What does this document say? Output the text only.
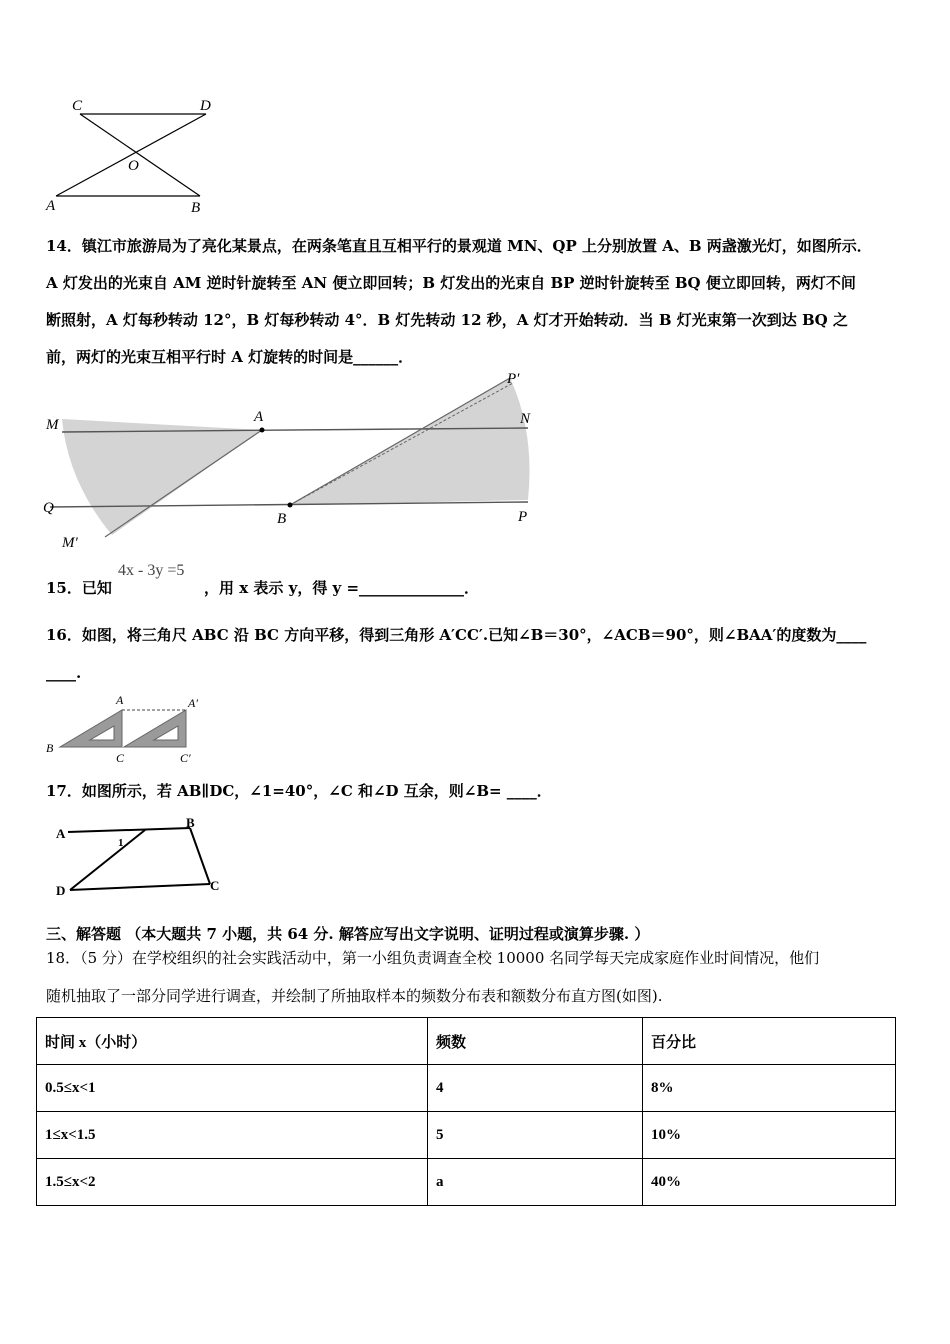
C	D
O
A	B
14．镇江市旅游局为了亮化某景点，在两条笔直且互相平行的景观道 MN、QP 上分别放置 A、B 两盏激光灯，如图所示．
A 灯发出的光束自 AM 逆时针旋转至 AN 便立即回转；B 灯发出的光束自 BP 逆时针旋转至 BQ 便立即回转，两灯不间
断照射，A 灯每秒转动 12°，B 灯每秒转动 4°．B 灯先转动 12 秒，A 灯才开始转动．当 B 灯光束第一次到达 BQ 之
前，两灯的光束互相平行时 A 灯旋转的时间是______．
M	A	N
P′
Q
B	P
M′
15．已知
4x - 3y =5
，用 x 表示 y，得 y =______________．
16．如图，将三角尺 ABC 沿 BC 方向平移，得到三角形 A′CC′.已知∠B＝30°，∠ACB＝90°，则∠BAA′的度数为____
____.
A	A′
B
C	C′
17．如图所示，若 AB∥DC，∠1=40°，∠C 和∠D 互余，则∠B= ____．
A
B
D	C
1
三、解答题 （本大题共 7 小题，共 64 分. 解答应写出文字说明、证明过程或演算步骤. ）
18．（5 分）在学校组织的社会实践活动中，第一小组负责调查全校 10000 名同学每天完成家庭作业时间情况，他们
随机抽取了一部分同学进行调查，并绘制了所抽取样本的频数分布表和额数分布直方图(如图).
时间 x（小时）	频数	百分比
0.5≤x<1	4	8%
1≤x<1.5	5	10%
1.5≤x<2	a	40%
